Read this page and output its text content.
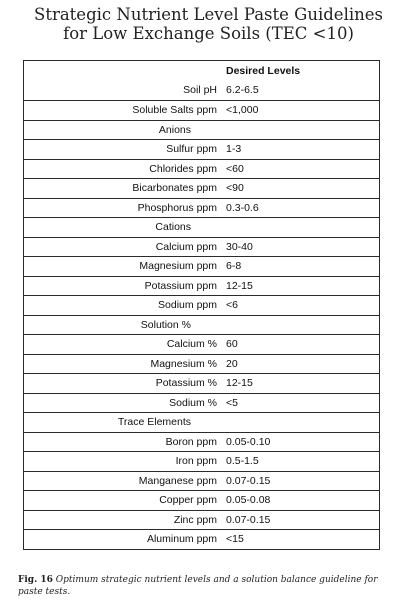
Strategic Nutrient Level Paste Guidelines
for Low Exchange Soils (TEC <10)
Desired Levels
Soil pH 6.2-6.5
Soluble Salts ppm <1,000
Anions
Sulfur ppm 1-3
Chlorides ppm <60
Bicarbonates ppm <90
Phosphorus ppm 0.3-0.6
Cations
Calcium ppm 30-40
Magnesium ppm 6-8
Potassium ppm 12-15
Sodium ppm <6
Solution %
Calcium % 60
Magnesium % 20
Potassium % 12-15
Sodium % <5
Trace Elements
Boron ppm 0.05-0.10
Iron ppm 0.5-1.5
Manganese ppm 0.07-0.15
Copper ppm 0.05-0.08
Zinc ppm 0.07-0.15
Aluminum ppm <15
Fig. 16 Optimum strategic nutrient levels and a solution balance guideline for paste tests.
